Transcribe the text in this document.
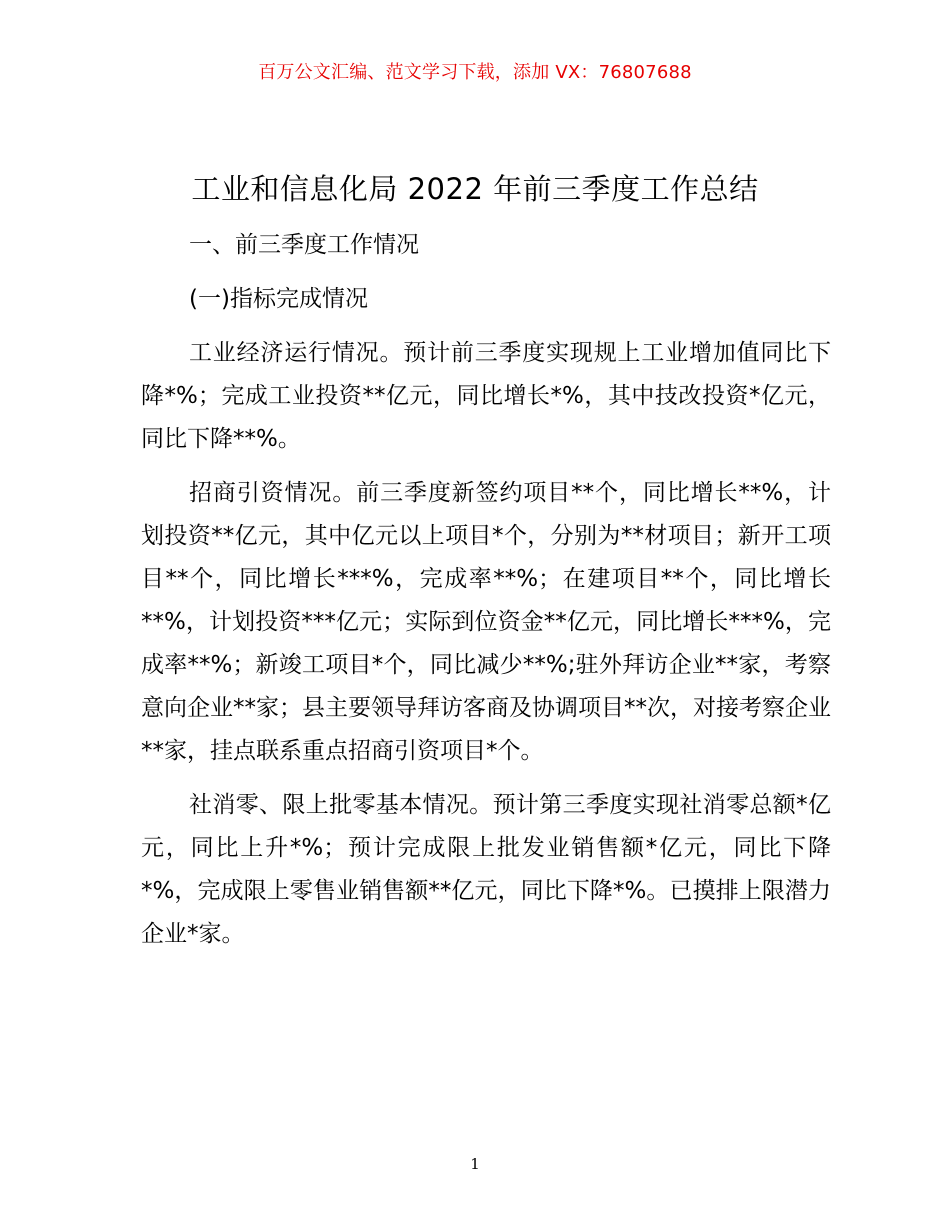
百万公文汇编、范文学习下载，添加 VX：76807688
工业和信息化局 2022 年前三季度工作总结
一、前三季度工作情况
(一)指标完成情况

工业经济运行情况。预计前三季度实现规上工业增加值同比下降*%；完成工业投资**亿元，同比增长*%，其中技改投资*亿元，同比下降**%。

招商引资情况。前三季度新签约项目**个，同比增长**%，计划投资**亿元，其中亿元以上项目*个，分别为**材项目；新开工项目**个，同比增长***%，完成率**%；在建项目**个，同比增长**%，计划投资***亿元；实际到位资金**亿元，同比增长***%，完成率**%；新竣工项目*个，同比减少**%;驻外拜访企业**家，考察意向企业**家；县主要领导拜访客商及协调项目**次，对接考察企业**家，挂点联系重点招商引资项目*个。

社消零、限上批零基本情况。预计第三季度实现社消零总额*亿元，同比上升*%；预计完成限上批发业销售额*亿元，同比下降*%，完成限上零售业销售额**亿元，同比下降*%。已摸排上限潜力企业*家。

1
